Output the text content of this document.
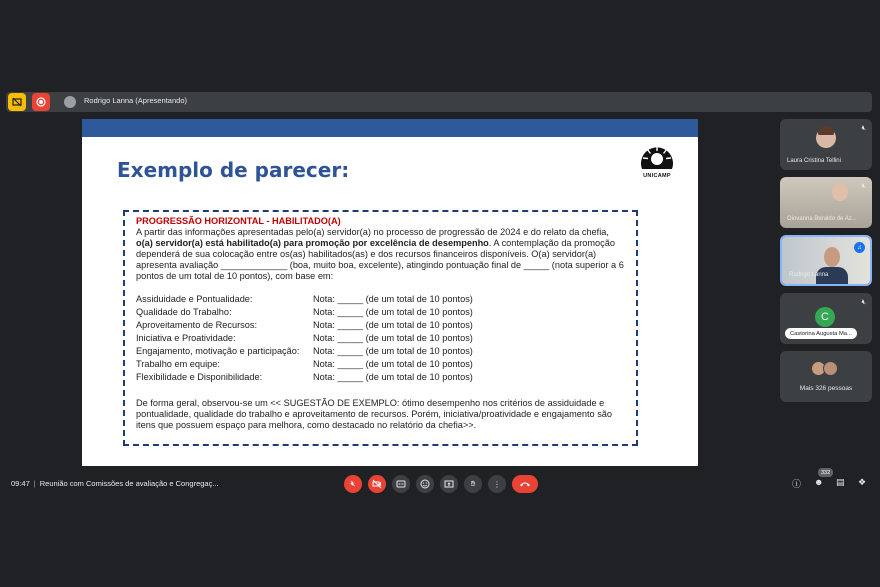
Rodrigo Lanna (Apresentando)
Exemplo de parecer:	UNICAMP
PROGRESSÃO HORIZONTAL - HABILITADO(A)
A partir das informações apresentadas pelo(a) servidor(a) no processo de progressão de 2024 e do relato da chefia, o(a) servidor(a) está habilitado(a) para promoção por excelência de desempenho. A contemplação da promoção dependerá de sua colocação entre os(as) habilitados(as) e dos recursos financeiros disponíveis. O(a) servidor(a) apresenta avaliação _____________ (boa, muito boa, excelente), atingindo pontuação final de _____ (nota superior a 6 pontos de um total de 10 pontos), com base em:
Assiduidade e Pontualidade:	Nota: _____ (de um total de 10 pontos)
Qualidade do Trabalho:	Nota: _____ (de um total de 10 pontos)
Aproveitamento de Recursos:	Nota: _____ (de um total de 10 pontos)
Iniciativa e Proatividade:	Nota: _____ (de um total de 10 pontos)
Engajamento, motivação e participação:	Nota: _____ (de um total de 10 pontos)
Trabalho em equipe:	Nota: _____ (de um total de 10 pontos)
Flexibilidade e Disponibilidade:	Nota: _____ (de um total de 10 pontos)
De forma geral, observou-se um << SUGESTÃO DE EXEMPLO: ótimo desempenho nos critérios de assiduidade e pontualidade, qualidade do trabalho e aproveitamento de recursos. Porém, iniciativa/proatividade e engajamento são itens que possuem espaço para melhora, como destacado no relatório da chefia>>.
🔇︎
Laura Cristina Tellini
🔇︎
Giovanna Beraldo de Az...
♫
Rodrigo Lanna
C
🔇︎
Castorina Augusta Ma...
Mais 326 pessoas
09:47 | Reunião com Comissões de avaliação e Congregaç...	🔇︎	✋︎ ⋮	ⓘ ☻
332
▤ ❖
